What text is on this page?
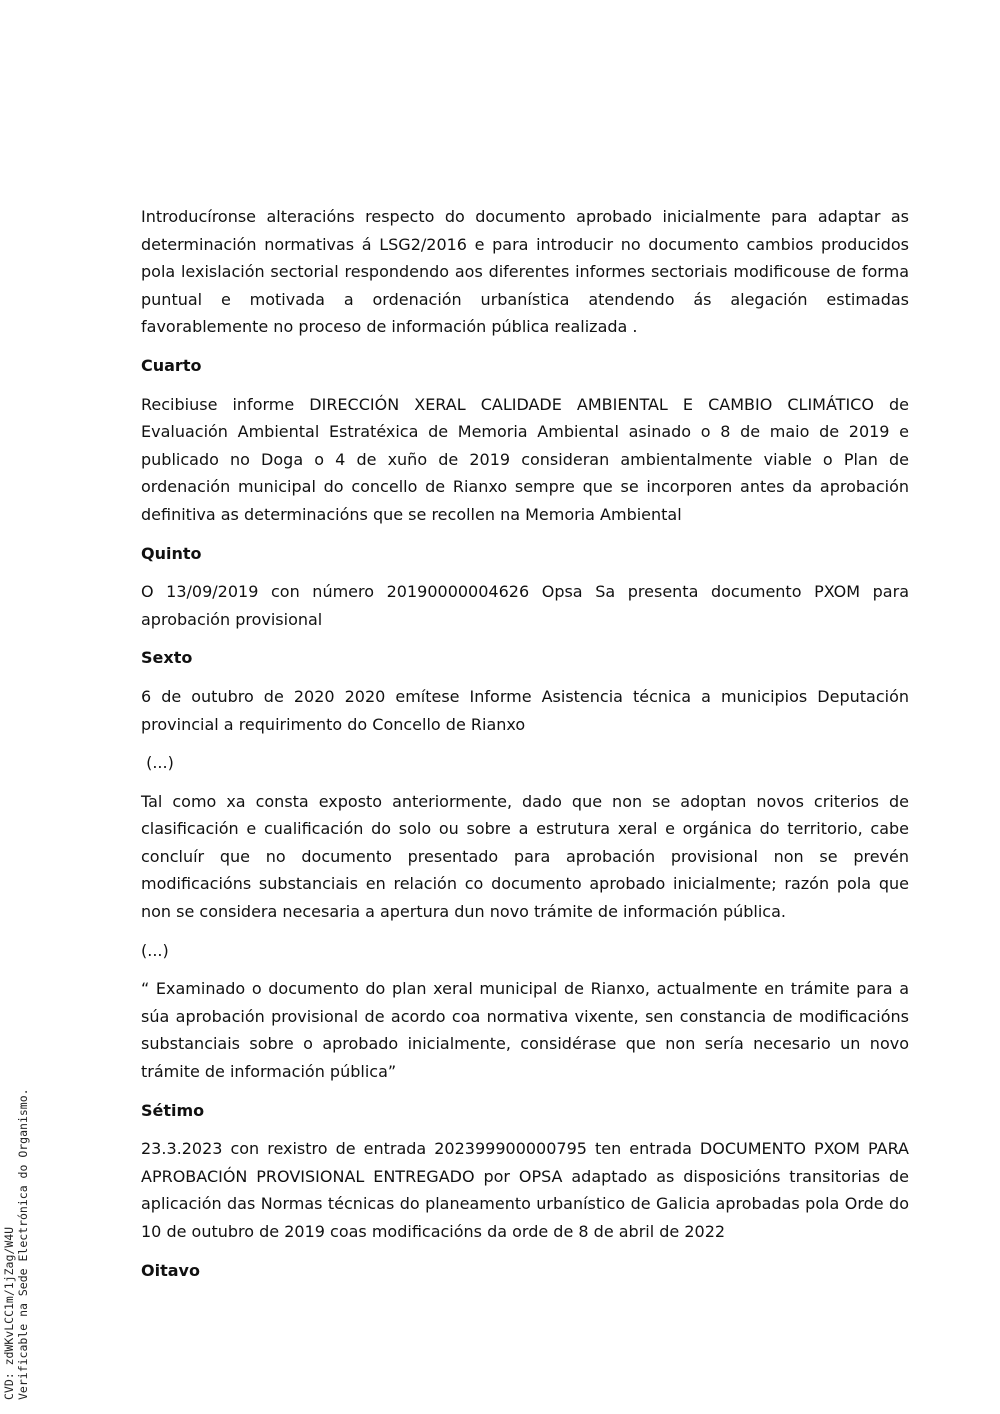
Introducíronse alteracións respecto do documento aprobado inicialmente para adaptar as determinación normativas á LSG2/2016 e para introducir no documento cambios producidos pola lexislación sectorial respondendo aos diferentes informes sectoriais modificouse de forma puntual e motivada a ordenación urbanística atendendo ás alegación estimadas favorablemente no proceso de información pública realizada .

Cuarto

Recibiuse informe DIRECCIÓN XERAL CALIDADE AMBIENTAL E CAMBIO CLIMÁTICO de Evaluación Ambiental Estratéxica de Memoria Ambiental asinado o 8 de maio de 2019 e publicado no Doga o 4 de xuño de 2019 consideran ambientalmente viable o Plan de ordenación municipal do concello de Rianxo sempre que se incorporen antes da aprobación definitiva as determinacións que se recollen na Memoria Ambiental

Quinto

O 13/09/2019 con número 20190000004626 Opsa Sa presenta documento PXOM para aprobación provisional

Sexto

6 de outubro de 2020 2020 emítese Informe Asistencia técnica a municipios Deputación provincial a requirimento do Concello de Rianxo

(...)

Tal como xa consta exposto anteriormente, dado que non se adoptan novos criterios de clasificación e cualificación do solo ou sobre a estrutura xeral e orgánica do territorio, cabe concluír que no documento presentado para aprobación provisional non se prevén modificacións substanciais en relación co documento aprobado inicialmente; razón pola que non se considera necesaria a apertura dun novo trámite de información pública.

(...)

“ Examinado o documento do plan xeral municipal de Rianxo, actualmente en trámite para a súa aprobación provisional de acordo coa normativa vixente, sen constancia de modificacións substanciais sobre o aprobado inicialmente, considérase que non sería necesario un novo trámite de información pública”

Sétimo

23.3.2023 con rexistro de entrada 202399900000795 ten entrada DOCUMENTO PXOM PARA APROBACIÓN PROVISIONAL ENTREGADO por OPSA adaptado as disposicións transitorias de aplicación das Normas técnicas do planeamento urbanístico de Galicia aprobadas pola Orde do 10 de outubro de 2019 coas modificacións da orde de 8 de abril de 2022

Oitavo

CVD: zdWKvLCC1m/1jZag/W4U Verificable na Sede Electrónica do Organismo.
